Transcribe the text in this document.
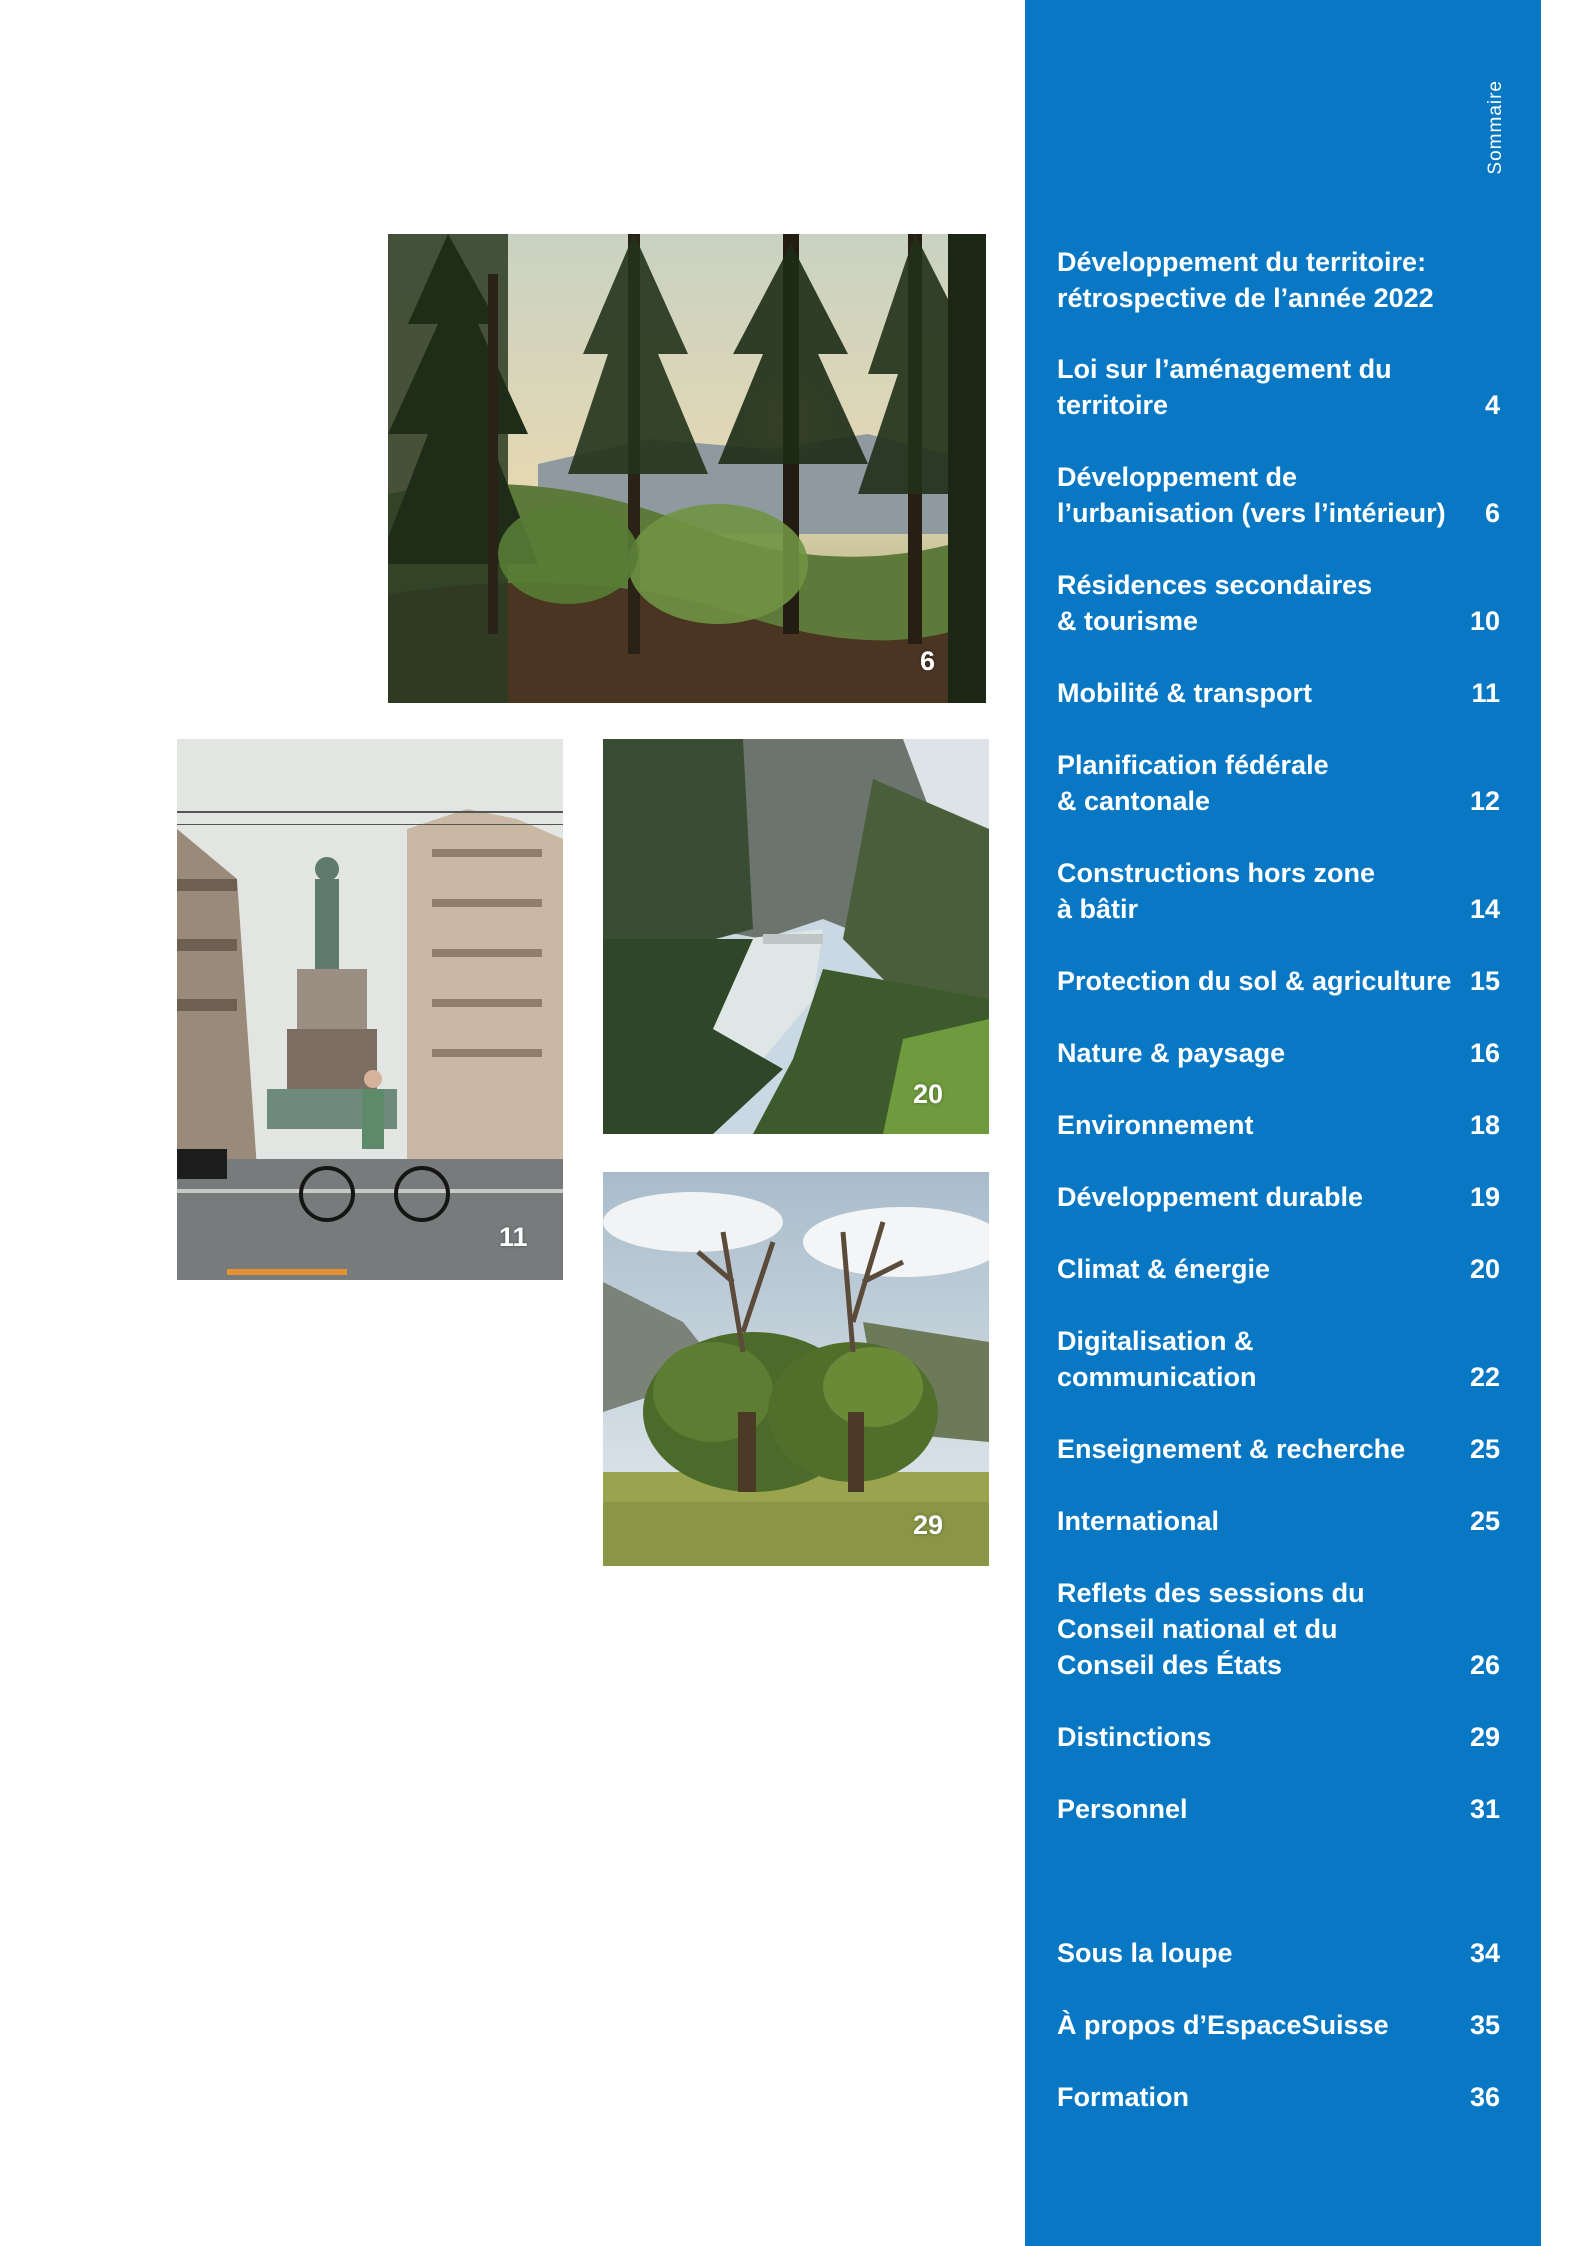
6
11
20
29
Sommaire
Développement du territoire:
rétrospective de l’année 2022
Loi sur l’aménagement du
territoire	4
Développement de
l’urbanisation (vers l’intérieur)	6
Résidences secondaires
& tourisme	10
Mobilité & transport	11
Planification fédérale
& cantonale	12
Constructions hors zone
à bâtir	14
Protection du sol & agriculture 15
Nature & paysage	16
Environnement	18
Développement durable	19
Climat & énergie	20
Digitalisation &
communication	22
Enseignement & recherche	25
International	25
Reflets des sessions du
Conseil national et du
Conseil des États	26
Distinctions	29
Personnel	31
Sous la loupe	34
À propos d’EspaceSuisse	35
Formation	36
